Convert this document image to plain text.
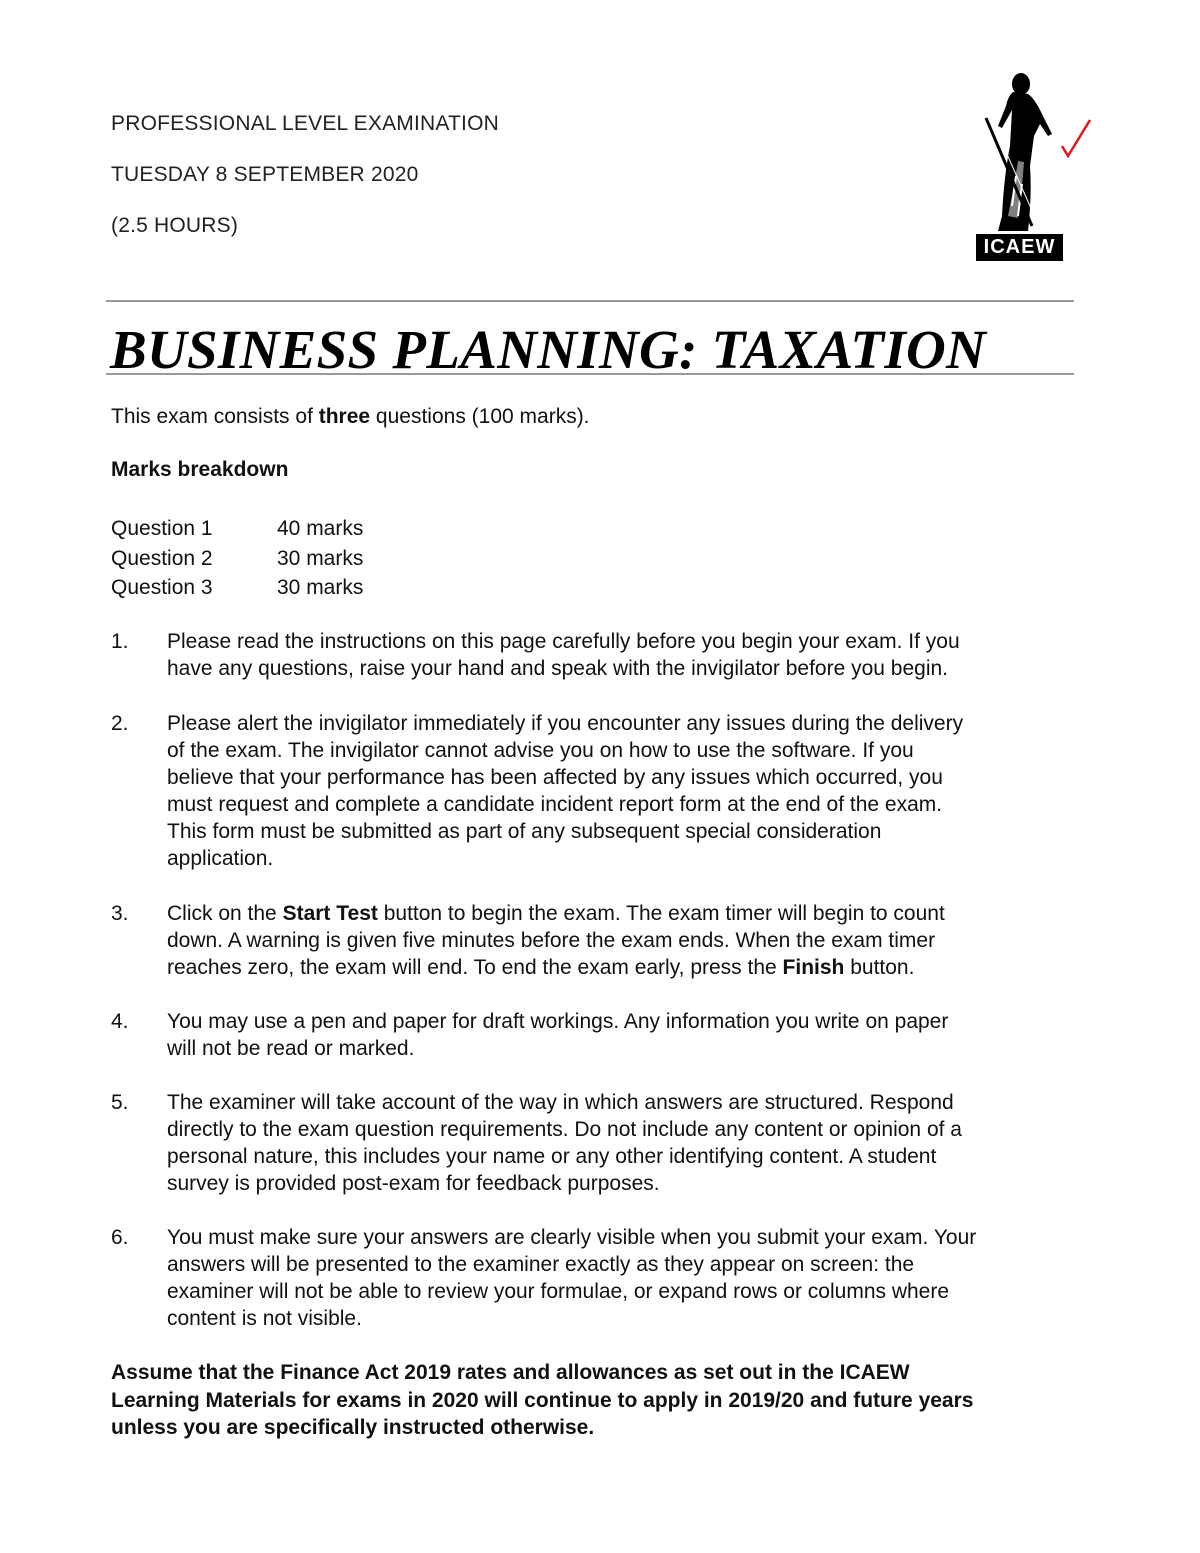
PROFESSIONAL LEVEL EXAMINATION
TUESDAY 8 SEPTEMBER 2020
(2.5 HOURS)
ICAEW
BUSINESS PLANNING: TAXATION
This exam consists of three questions (100 marks).
Marks breakdown
Question 1	40 marks
Question 2	30 marks
Question 3	30 marks
1. Please read the instructions on this page carefully before you begin your exam. If you
have any questions, raise your hand and speak with the invigilator before you begin.
2. Please alert the invigilator immediately if you encounter any issues during the delivery
of the exam. The invigilator cannot advise you on how to use the software. If you
believe that your performance has been affected by any issues which occurred, you
must request and complete a candidate incident report form at the end of the exam.
This form must be submitted as part of any subsequent special consideration
application.
3. Click on the Start Test button to begin the exam. The exam timer will begin to count
down. A warning is given five minutes before the exam ends. When the exam timer
reaches zero, the exam will end. To end the exam early, press the Finish button.
4. You may use a pen and paper for draft workings. Any information you write on paper
will not be read or marked.
5. The examiner will take account of the way in which answers are structured. Respond
directly to the exam question requirements. Do not include any content or opinion of a
personal nature, this includes your name or any other identifying content. A student
survey is provided post-exam for feedback purposes.
6. You must make sure your answers are clearly visible when you submit your exam. Your
answers will be presented to the examiner exactly as they appear on screen: the
examiner will not be able to review your formulae, or expand rows or columns where
content is not visible.
Assume that the Finance Act 2019 rates and allowances as set out in the ICAEW
Learning Materials for exams in 2020 will continue to apply in 2019/20 and future years
unless you are specifically instructed otherwise.
